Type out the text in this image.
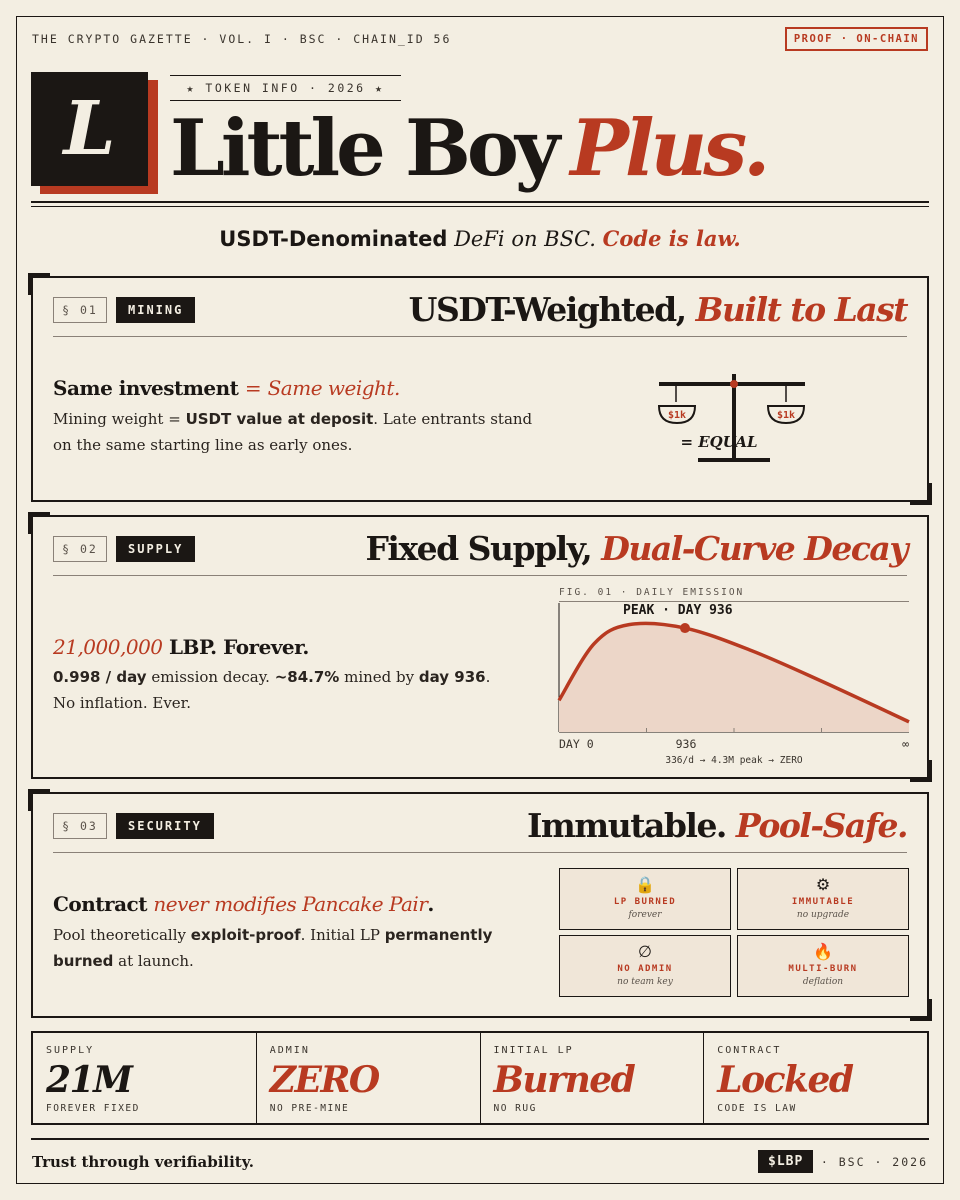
THE CRYPTO GAZETTE · VOL. I · BSC · CHAIN_ID 56	PROOF · ON-CHAIN
L	★ TOKEN INFO · 2026 ★
Little Boy Plus.
USDT-Denominated DeFi on BSC. Code is law.
§ 01	MINING	USDT-Weighted, Built to Last
Same investment = Same weight.
Mining weight = USDT value at deposit. Late entrants stand on the same starting line as early ones.
$1k	$1k
= EQUAL
§ 02	SUPPLY	Fixed Supply, Dual-Curve Decay
21,000,000 LBP. Forever.
0.998 / day emission decay. ~84.7% mined by day 936. No inflation. Ever.
FIG. 01 · DAILY EMISSION
PEAK · DAY 936
DAY 0	936	∞
336/d → 4.3M peak → ZERO
§ 03	SECURITY	Immutable. Pool-Safe.
Contract never modifies Pancake Pair.
Pool theoretically exploit-proof. Initial LP permanently burned at launch.
🔒
LP BURNED
forever
⚙
IMMUTABLE
no upgrade
∅
NO ADMIN
no team key
🔥
MULTI-BURN
deflation
SUPPLY
21M
FOREVER FIXED
ADMIN
ZERO
NO PRE-MINE
INITIAL LP
Burned
NO RUG
CONTRACT
Locked
CODE IS LAW
Trust through verifiability.	$LBP	· BSC · 2026
